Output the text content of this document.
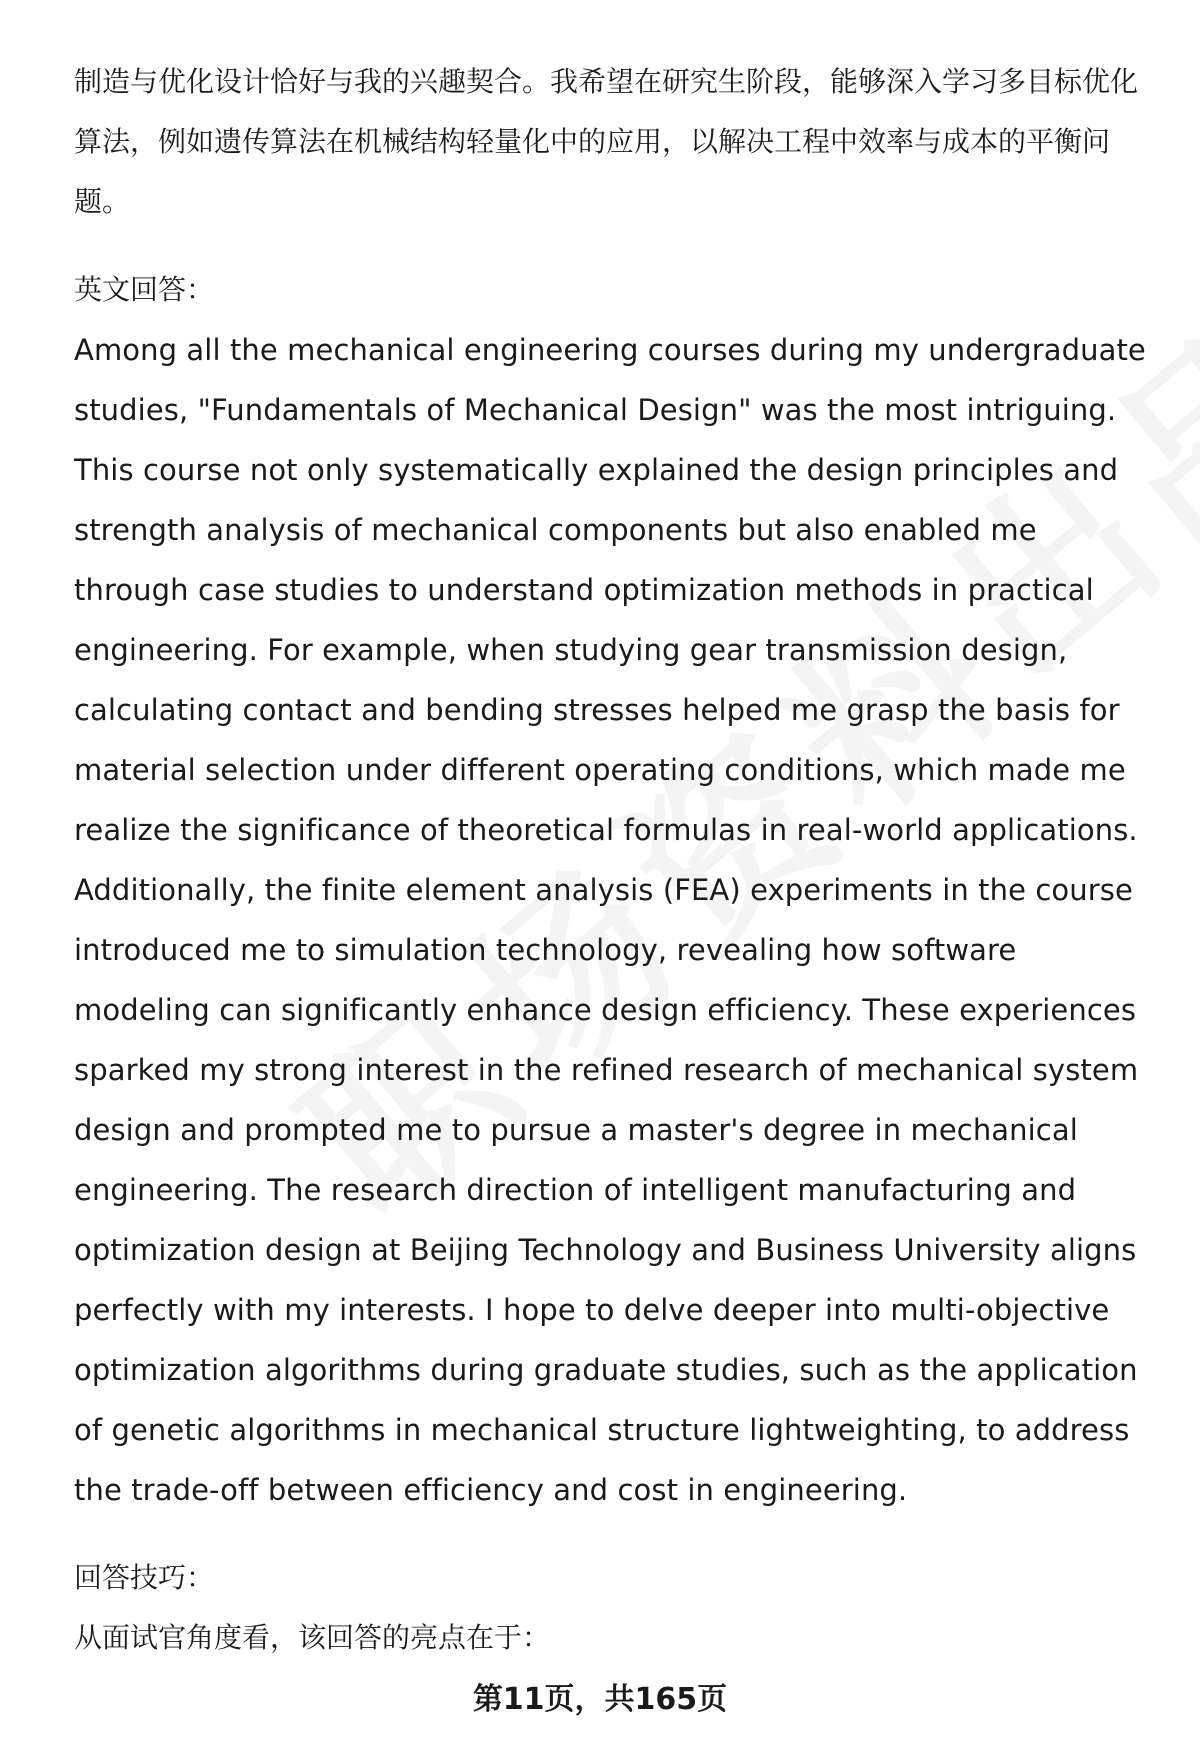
制造与优化设计恰好与我的兴趣契合。我希望在研究生阶段，能够深入学习多目标优化算法，例如遗传算法在机械结构轻量化中的应用，以解决工程中效率与成本的平衡问题。

英文回答：

Among all the mechanical engineering courses during my undergraduate studies, "Fundamentals of Mechanical Design" was the most intriguing. This course not only systematically explained the design principles and strength analysis of mechanical components but also enabled me through case studies to understand optimization methods in practical engineering. For example, when studying gear transmission design, calculating contact and bending stresses helped me grasp the basis for material selection under different operating conditions, which made me realize the significance of theoretical formulas in real-world applications. Additionally, the finite element analysis (FEA) experiments in the course introduced me to simulation technology, revealing how software modeling can significantly enhance design efficiency. These experiences sparked my strong interest in the refined research of mechanical system design and prompted me to pursue a master's degree in mechanical engineering. The research direction of intelligent manufacturing and optimization design at Beijing Technology and Business University aligns perfectly with my interests. I hope to delve deeper into multi-objective optimization algorithms during graduate studies, such as the application of genetic algorithms in mechanical structure lightweighting, to address the trade-off between efficiency and cost in engineering.

回答技巧：

从面试官角度看，该回答的亮点在于：

第11页，共165页
